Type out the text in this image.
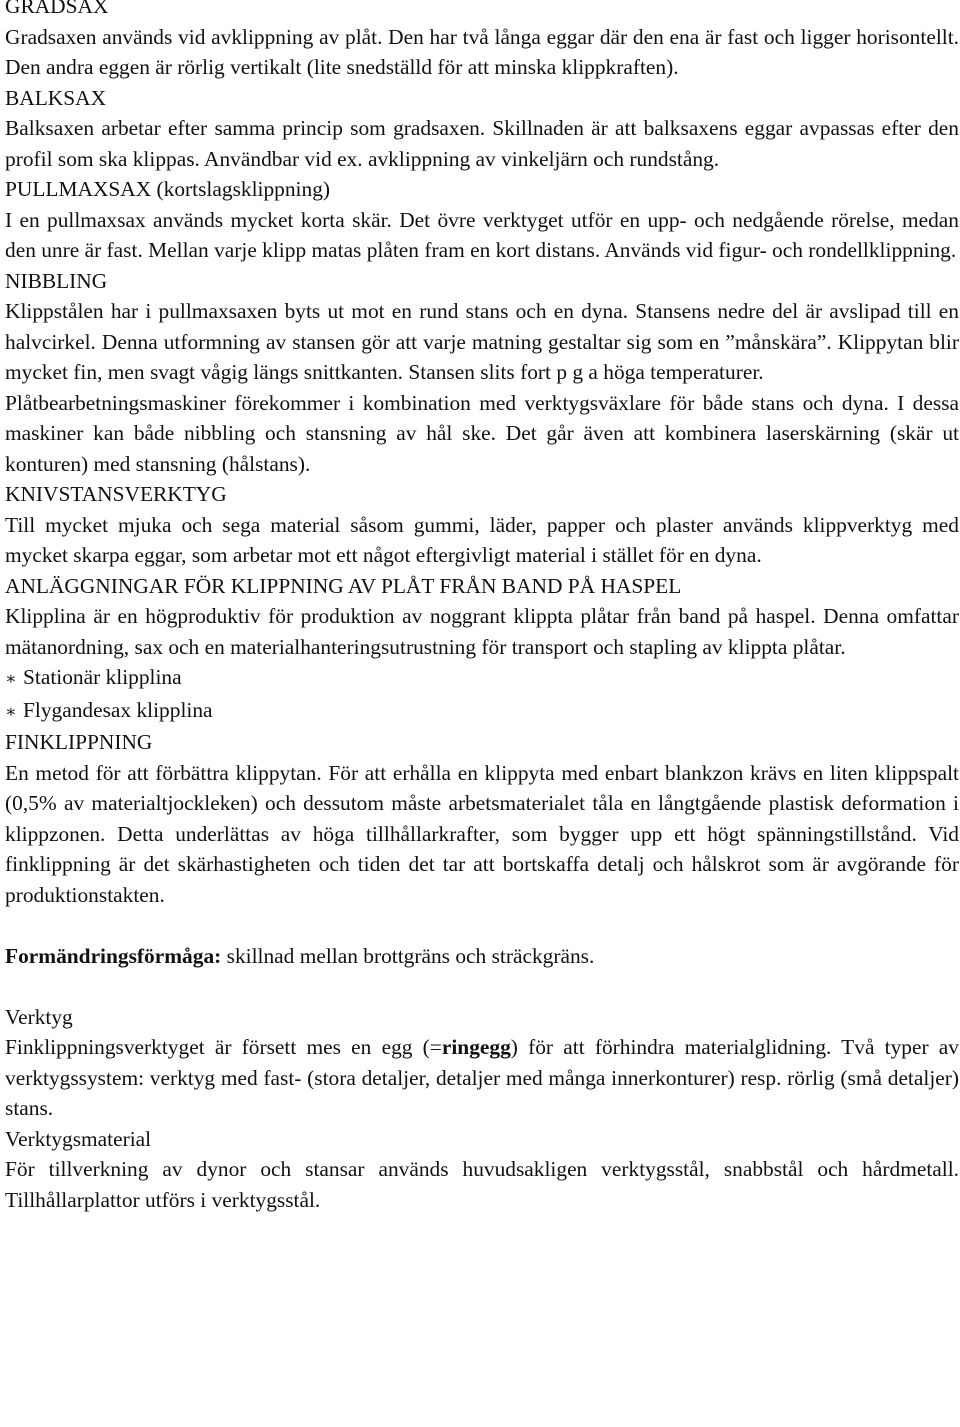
GRADSAX

Gradsaxen används vid avklippning av plåt. Den har två långa eggar där den ena är fast och ligger horisontellt. Den andra eggen är rörlig vertikalt (lite snedställd för att minska klippkraften).

BALKSAX

Balksaxen arbetar efter samma princip som gradsaxen. Skillnaden är att balksaxens eggar avpassas efter den profil som ska klippas. Användbar vid ex. avklippning av vinkeljärn och rundstång.

PULLMAXSAX (kortslagsklippning)

I en pullmaxsax används mycket korta skär. Det övre verktyget utför en upp- och nedgående rörelse, medan den unre är fast. Mellan varje klipp matas plåten fram en kort distans. Används vid figur- och rondellklippning.

NIBBLING

Klippstålen har i pullmaxsaxen byts ut mot en rund stans och en dyna. Stansens nedre del är avslipad till en halvcirkel. Denna utformning av stansen gör att varje matning gestaltar sig som en ”månskära”. Klippytan blir mycket fin, men svagt vågig längs snittkanten. Stansen slits fort p g a höga temperaturer.

Plåtbearbetningsmaskiner förekommer i kombination med verktygsväxlare för både stans och dyna. I dessa maskiner kan både nibbling och stansning av hål ske. Det går även att kombinera laserskärning (skär ut konturen) med stansning (hålstans).

KNIVSTANSVERKTYG

Till mycket mjuka och sega material såsom gummi, läder, papper och plaster används klippverktyg med mycket skarpa eggar, som arbetar mot ett något eftergivligt material i stället för en dyna.

ANLÄGGNINGAR FÖR KLIPPNING AV PLÅT FRÅN BAND PÅ HASPEL

Klipplina är en högproduktiv för produktion av noggrant klippta plåtar från band på haspel. Denna omfattar mätanordning, sax och en materialhanteringsutrustning för transport och stapling av klippta plåtar.

∗ Stationär klipplina
∗ Flygandesax klipplina

FINKLIPPNING

En metod för att förbättra klippytan. För att erhålla en klippyta med enbart blankzon krävs en liten klippspalt (0,5% av materialtjockleken) och dessutom måste arbetsmaterialet tåla en långtgående plastisk deformation i klippzonen. Detta underlättas av höga tillhållarkrafter, som bygger upp ett högt spänningstillstånd. Vid finklippning är det skärhastigheten och tiden det tar att bortskaffa detalj och hålskrot som är avgörande för produktionstakten.

Formändringsförmåga: skillnad mellan brottgräns och sträckgräns.

Verktyg

Finklippningsverktyget är försett mes en egg (=ringegg) för att förhindra materialglidning. Två typer av verktygssystem: verktyg med fast- (stora detaljer, detaljer med många innerkonturer) resp. rörlig (små detaljer) stans.

Verktygsmaterial

För tillverkning av dynor och stansar används huvudsakligen verktygsstål, snabbstål och hårdmetall. Tillhållarplattor utförs i verktygsstål.
